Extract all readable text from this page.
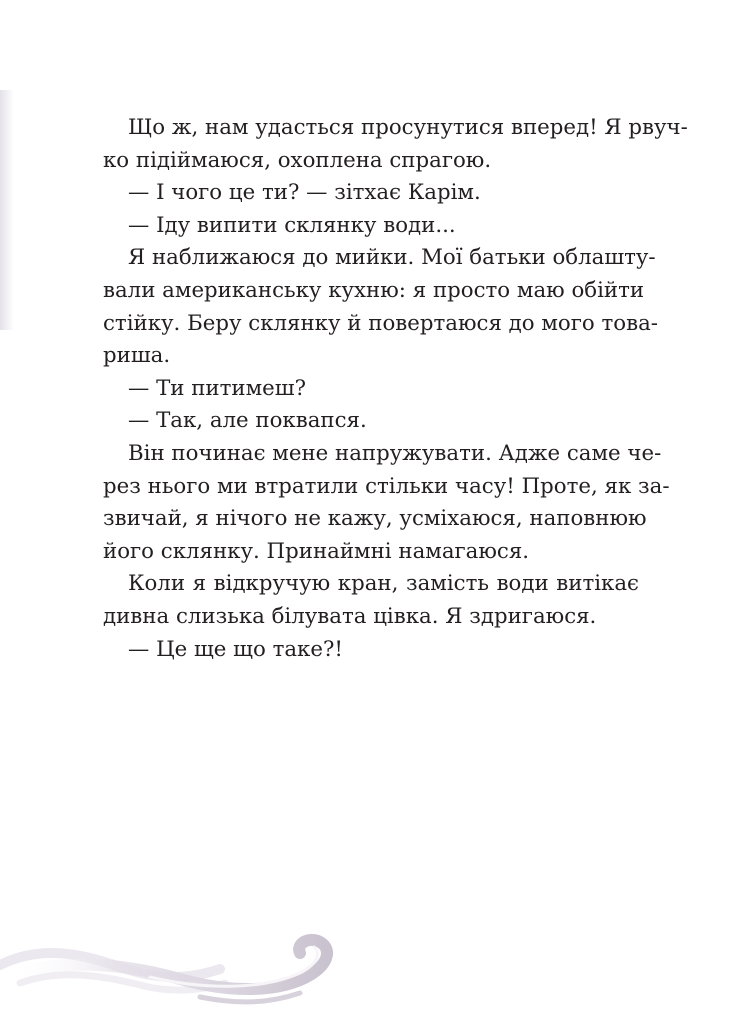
Що ж, нам удасться просунутися вперед! Я рвуч-
ко підіймаюся, охоплена спрагою.
— І чого це ти? — зітхає Карім.
— Іду випити склянку води...
Я наближаюся до мийки. Мої батьки облашту-
вали американську кухню: я просто маю обійти
стійку. Беру склянку й повертаюся до мого това-
риша.
— Ти питимеш?
— Так, але поквапся.
Він починає мене напружувати. Адже саме че-
рез нього ми втратили стільки часу! Проте, як за-
звичай, я нічого не кажу, усміхаюся, наповнюю
його склянку. Принаймні намагаюся.
Коли я відкручую кран, замість води витікає
дивна слизька білувата цівка. Я здригаюся.
— Це ще що таке?!
